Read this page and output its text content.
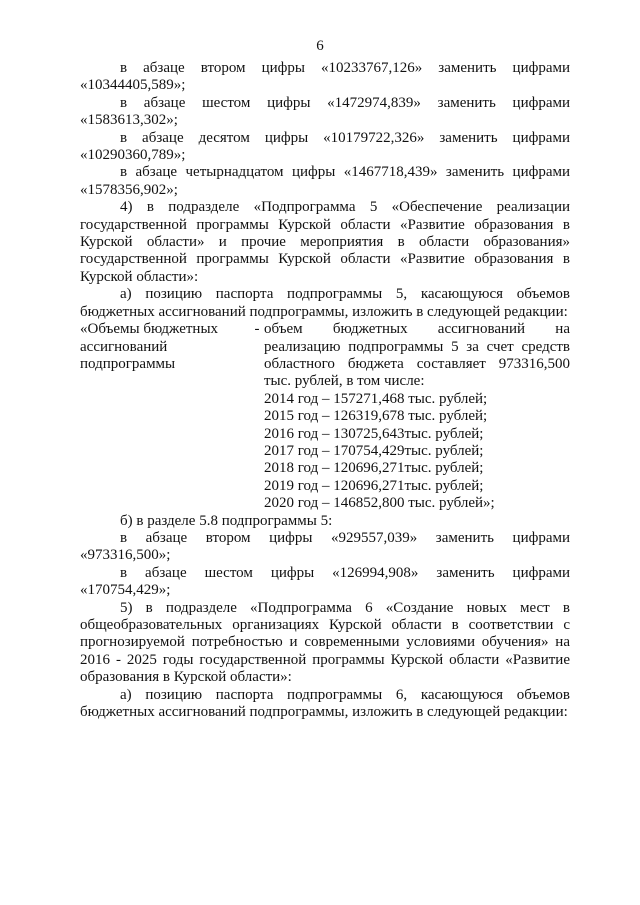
6

в абзаце втором цифры «10233767,126» заменить цифрами

«10344405,589»;

в абзаце шестом цифры «1472974,839» заменить цифрами

«1583613,302»;

в абзаце десятом цифры «10179722,326» заменить цифрами

«10290360,789»;

в абзаце четырнадцатом цифры «1467718,439» заменить цифрами

«1578356,902»;

4) в подразделе «Подпрограмма 5 «Обеспечение реализации государственной программы Курской области «Развитие образования в Курской области» и прочие мероприятия в области образования» государственной программы Курской области «Развитие образования в Курской области»:

а) позицию паспорта подпрограммы 5, касающуюся объемов бюджетных ассигнований подпрограммы, изложить в следующей редакции:

«Объемы бюджетных ассигнований подпрограммы
- объем бюджетных ассигнований на реализацию подпрограммы 5 за счет средств областного бюджета составляет 973316,500 тыс. рублей, в том числе:

2014 год – 157271,468 тыс. рублей;
2015 год – 126319,678 тыс. рублей;
2016 год – 130725,643тыс. рублей;
2017 год – 170754,429тыс. рублей;
2018 год – 120696,271тыс. рублей;
2019 год – 120696,271тыс. рублей;
2020 год – 146852,800 тыс. рублей»;

б) в разделе 5.8 подпрограммы 5:

в абзаце втором цифры «929557,039» заменить цифрами

«973316,500»;

в абзаце шестом цифры «126994,908» заменить цифрами

«170754,429»;

5) в подразделе «Подпрограмма 6 «Создание новых мест в общеобразовательных организациях Курской области в соответствии с прогнозируемой потребностью и современными условиями обучения» на 2016 - 2025 годы государственной программы Курской области «Развитие образования в Курской области»:

а) позицию паспорта подпрограммы 6, касающуюся объемов бюджетных ассигнований подпрограммы, изложить в следующей редакции:
